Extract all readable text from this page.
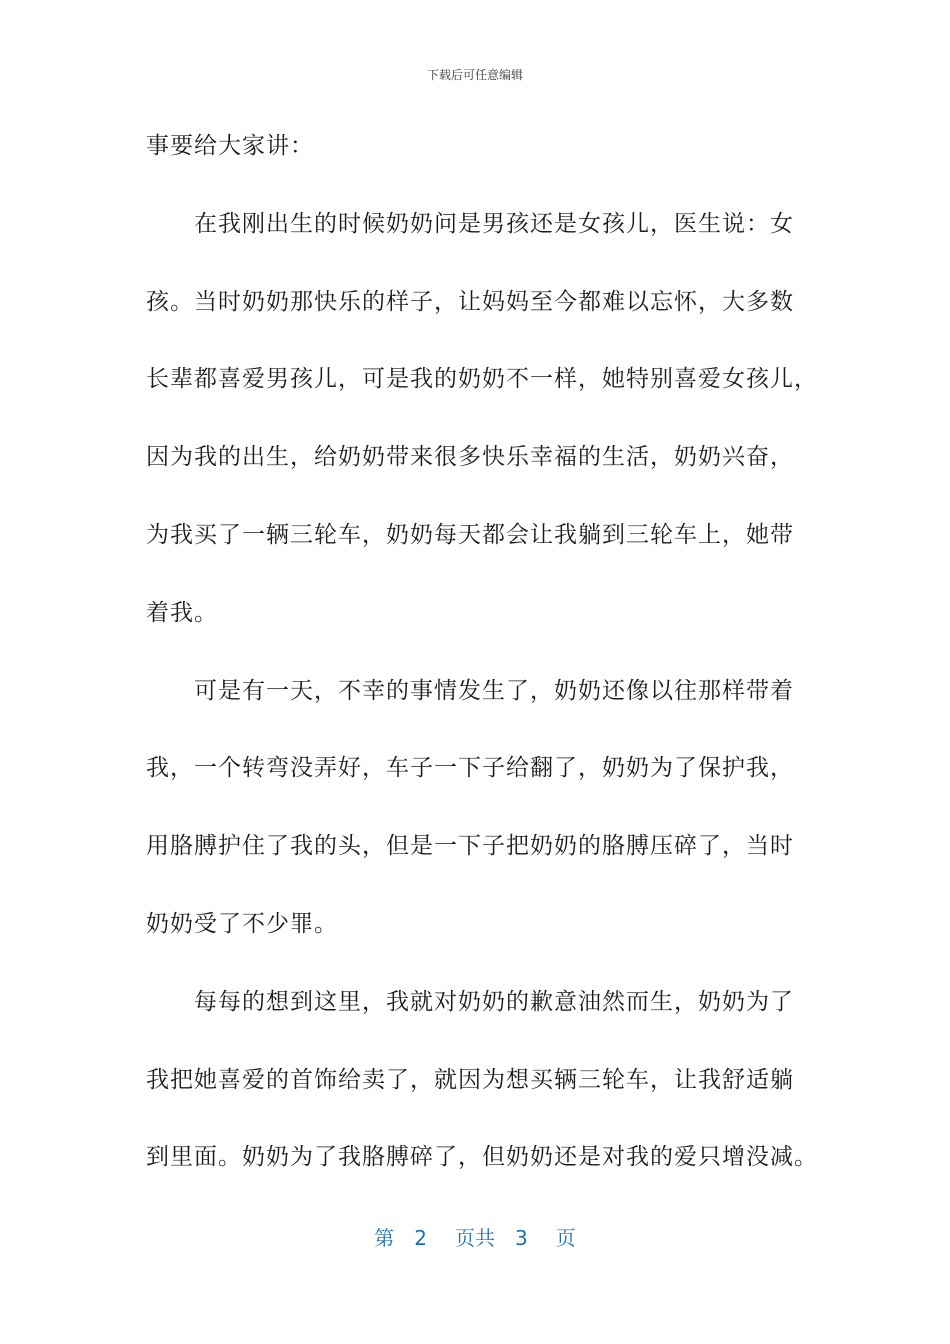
下载后可任意编辑
事要给大家讲：
在我刚出生的时候奶奶问是男孩还是女孩儿，医生说：女
孩。当时奶奶那快乐的样子，让妈妈至今都难以忘怀，大多数
长辈都喜爱男孩儿，可是我的奶奶不一样，她特别喜爱女孩儿，
因为我的出生，给奶奶带来很多快乐幸福的生活，奶奶兴奋，
为我买了一辆三轮车，奶奶每天都会让我躺到三轮车上，她带
着我。
可是有一天，不幸的事情发生了，奶奶还像以往那样带着
我，一个转弯没弄好，车子一下子给翻了，奶奶为了保护我，
用胳膊护住了我的头，但是一下子把奶奶的胳膊压碎了，当时
奶奶受了不少罪。
每每的想到这里，我就对奶奶的歉意油然而生，奶奶为了
我把她喜爱的首饰给卖了，就因为想买辆三轮车，让我舒适躺
到里面。奶奶为了我胳膊碎了，但奶奶还是对我的爱只增没减。
第 2 页共 3 页
